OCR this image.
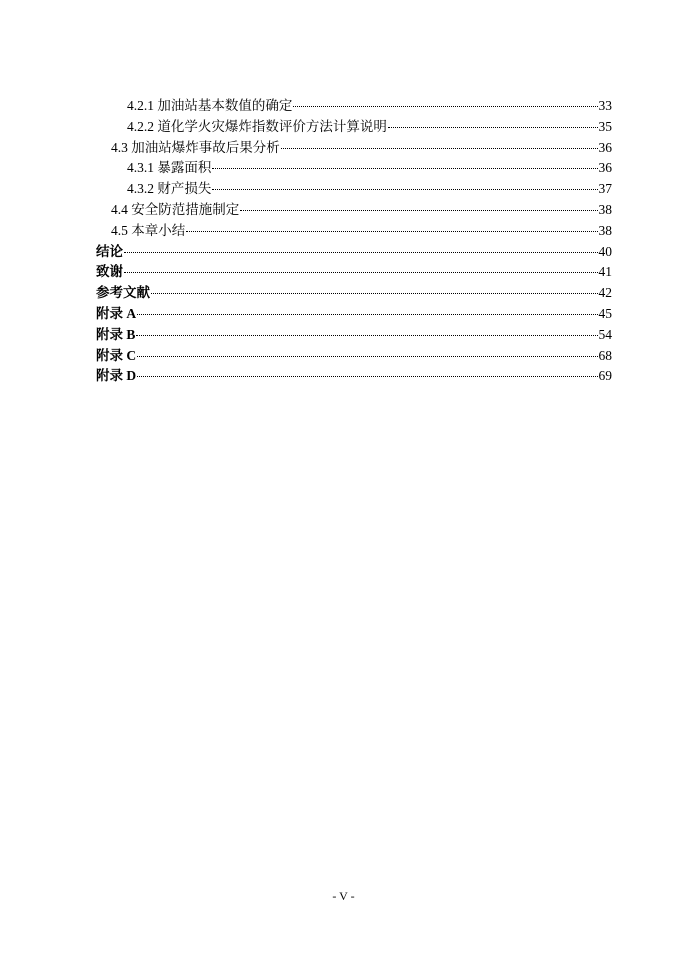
4.2.1 加油站基本数值的确定	33
4.2.2 道化学火灾爆炸指数评价方法计算说明	35
4.3 加油站爆炸事故后果分析	36
4.3.1 暴露面积	36
4.3.2 财产损失	37
4.4 安全防范措施制定	38
4.5 本章小结	38
结论	40
致谢	41
参考文献	42
附录 A	45
附录 B	54
附录 C	68
附录 D	69
- V -
